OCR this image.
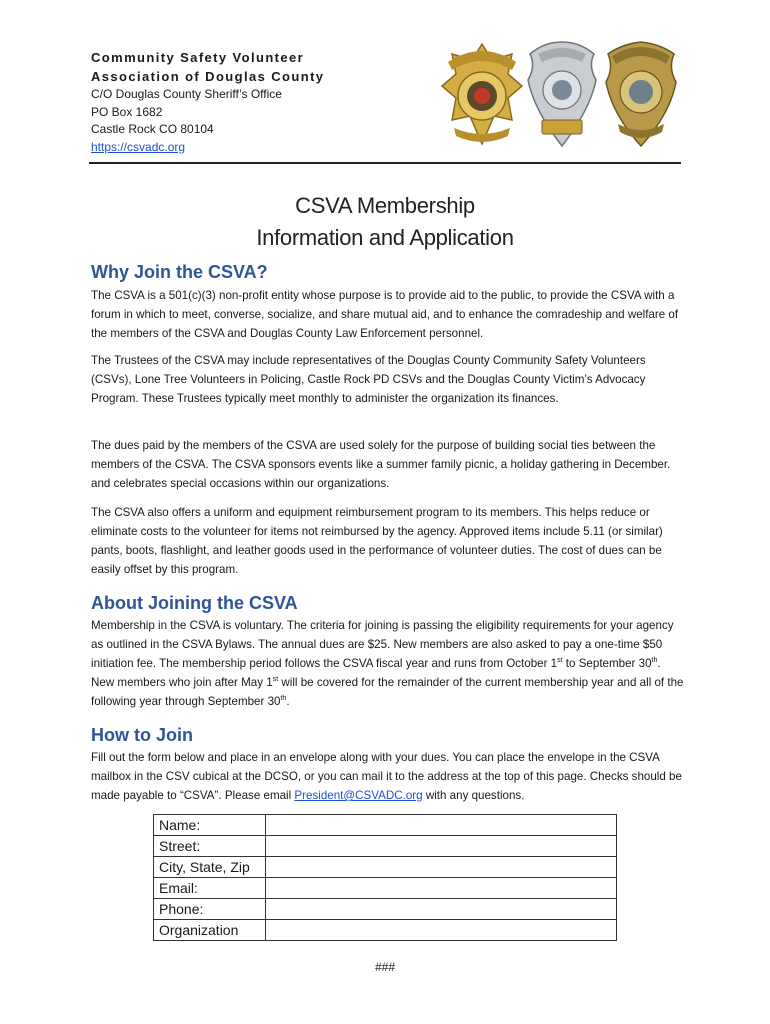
Community Safety Volunteer

Association of Douglas County

C/O Douglas County Sheriff’s Office

PO Box 1682

Castle Rock CO 80104

https://csvadc.org

CSVA Membership
Information and Application
Why Join the CSVA?

The CSVA is a 501(c)(3) non-profit entity whose purpose is to provide aid to the public, to provide the CSVA with a forum in which to meet, converse, socialize, and share mutual aid, and to enhance the comradeship and welfare of the members of the CSVA and Douglas County Law Enforcement personnel.

The Trustees of the CSVA may include representatives of the Douglas County Community Safety Volunteers (CSVs), Lone Tree Volunteers in Policing, Castle Rock PD CSVs and the Douglas County Victim’s Advocacy Program. These Trustees typically meet monthly to administer the organization its finances.

The dues paid by the members of the CSVA are used solely for the purpose of building social ties between the members of the CSVA. The CSVA sponsors events like a summer family picnic, a holiday gathering in December. and celebrates special occasions within our organizations.

The CSVA also offers a uniform and equipment reimbursement program to its members. This helps reduce or eliminate costs to the volunteer for items not reimbursed by the agency. Approved items include 5.11 (or similar) pants, boots, flashlight, and leather goods used in the performance of volunteer duties. The cost of dues can be easily offset by this program.

About Joining the CSVA

Membership in the CSVA is voluntary. The criteria for joining is passing the eligibility requirements for your agency as outlined in the CSVA Bylaws. The annual dues are $25. New members are also asked to pay a one-time $50 initiation fee. The membership period follows the CSVA fiscal year and runs from October 1st to September 30th. New members who join after May 1st will be covered for the remainder of the current membership year and all of the following year through September 30th.

How to Join

Fill out the form below and place in an envelope along with your dues. You can place the envelope in the CSVA mailbox in the CSV cubical at the DCSO, or you can mail it to the address at the top of this page. Checks should be made payable to “CSVA”. Please email President@CSVADC.org with any questions.

Name:	
Street:	
City, State, Zip	
Email:	
Phone:	
Organization	
###
